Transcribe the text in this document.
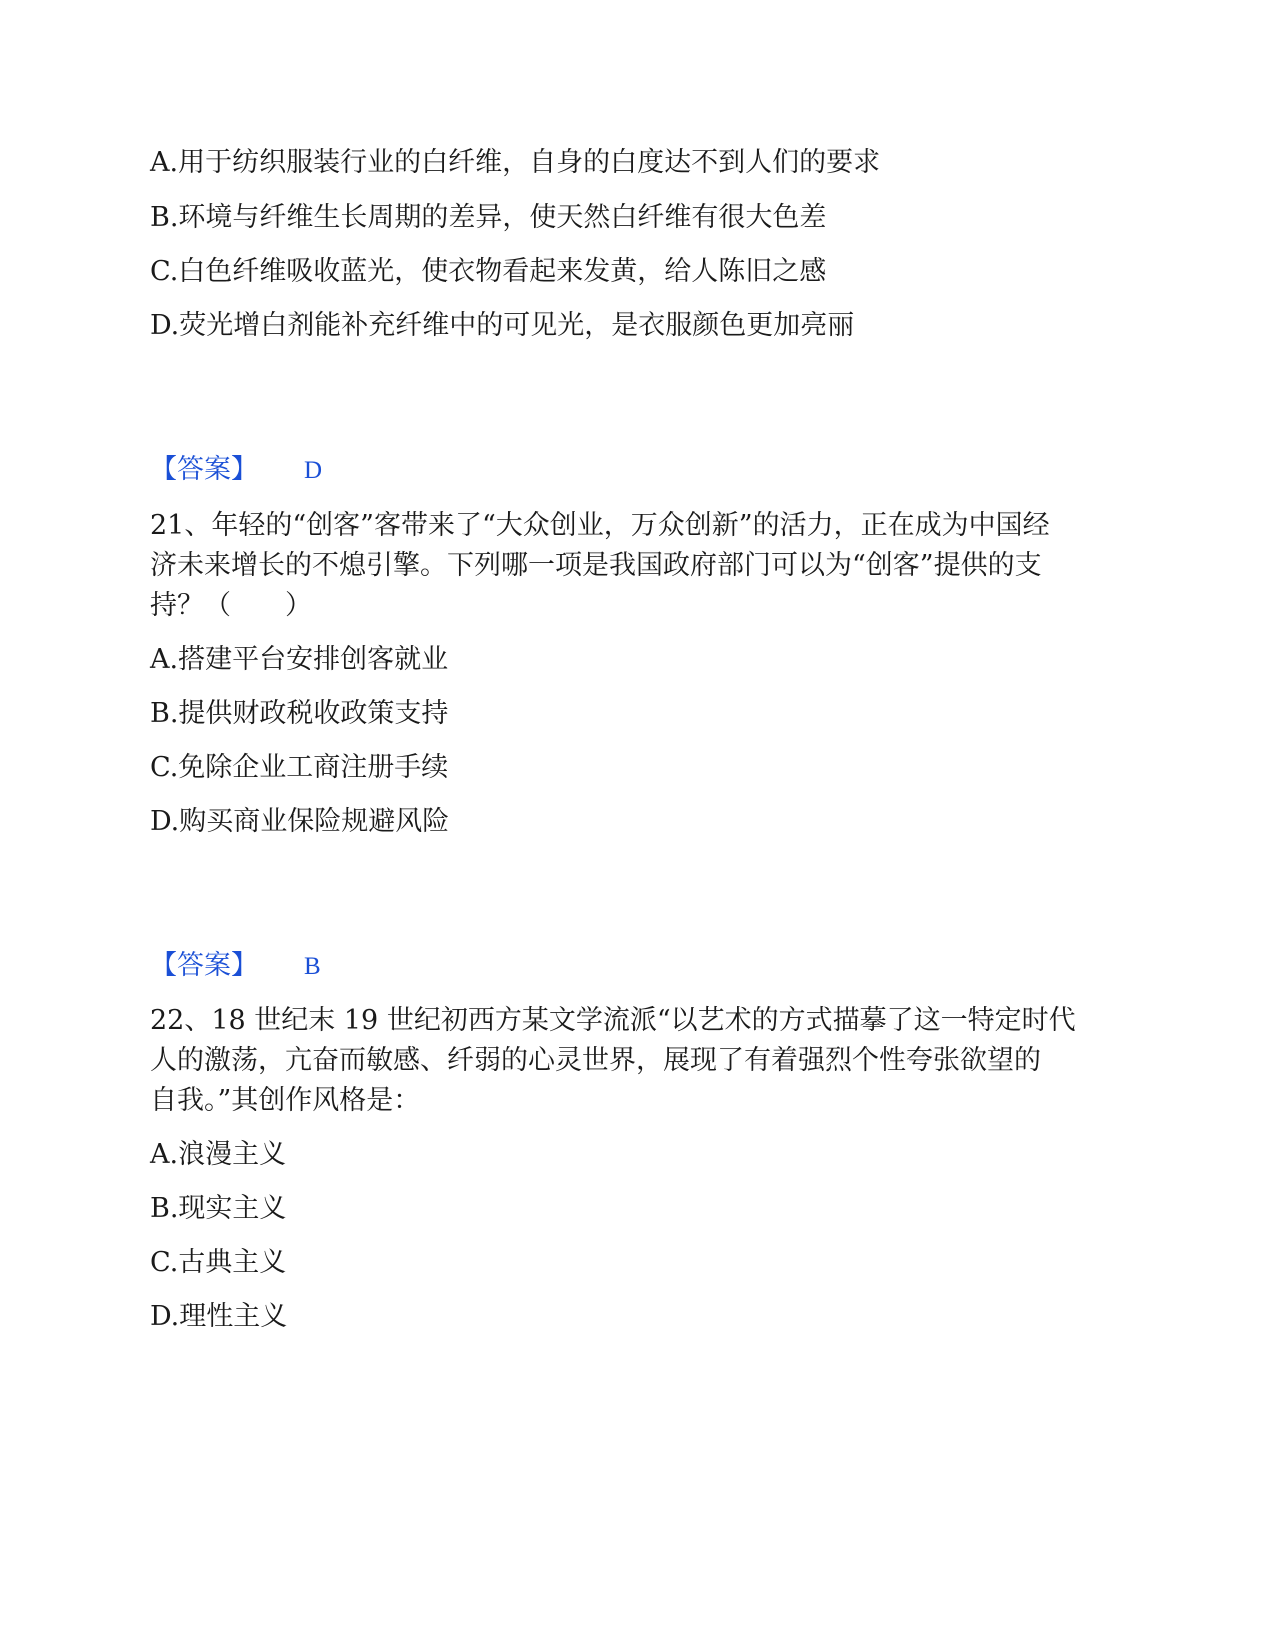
A.用于纺织服装行业的白纤维，自身的白度达不到人们的要求
B.环境与纤维生长周期的差异，使天然白纤维有很大色差
C.白色纤维吸收蓝光，使衣物看起来发黄，给人陈旧之感
D.荧光增白剂能补充纤维中的可见光，是衣服颜色更加亮丽
【答案】 D
21、年轻的“创客”客带来了“大众创业，万众创新”的活力，正在成为中国经
济未来增长的不熄引擎。下列哪一项是我国政府部门可以为“创客”提供的支
持？（　　）
A.搭建平台安排创客就业
B.提供财政税收政策支持
C.免除企业工商注册手续
D.购买商业保险规避风险
【答案】 B
22、18 世纪末 19 世纪初西方某文学流派“以艺术的方式描摹了这一特定时代
人的激荡，亢奋而敏感、纤弱的心灵世界，展现了有着强烈个性夸张欲望的
自我。”其创作风格是：
A.浪漫主义
B.现实主义
C.古典主义
D.理性主义
